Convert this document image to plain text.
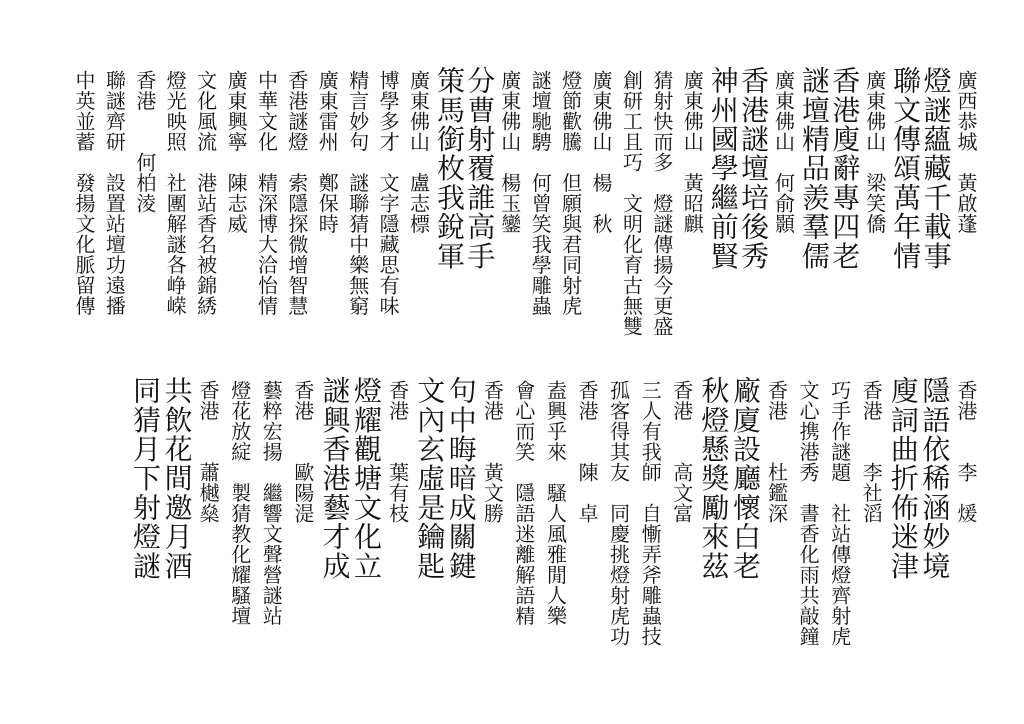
廣西恭城　黃啟蓬
燈謎蘊藏千載事
聯文傳頌萬年情
廣東佛山　梁笑僑
香港廋辭專四老
謎壇精品羨羣儒
廣東佛山　何俞顥
香港謎壇培後秀
神州國學繼前賢
廣東佛山　黃昭麒
猜射快而多　燈謎傳揚今更盛
創研工且巧　文明化育古無雙
廣東佛山　楊　秋
燈節歡騰　但願與君同射虎
謎壇馳騁　何曾笑我學雕蟲
廣東佛山　楊玉鑾
分曹射覆誰高手
策馬銜枚我銳軍
廣東佛山　盧志標
博學多才　文字隱藏思有味
精言妙句　謎聯猜中樂無窮
廣東雷州　鄭保時
香港謎燈　索隱探微增智慧
中華文化　精深博大洽怡情
廣東興寧　陳志威
文化風流　港站香名被錦綉
燈光映照　社團解謎各峥嵘
香港　　何柏淩
聯謎齊研　設置站壇功遠播
中英並蓄　發揚文化脈留傳
香港　　李　煖
隱語依稀涵妙境
廋詞曲折佈迷津
香港　　李社滔
巧手作謎題　社站傳燈齊射虎
文心携港秀　書香化雨共敲鐘
香港　　杜鑑深
廠廈設廳懷白老
秋燈懸獎勵來茲
香港　　高文富
三人有我師　自慚弄斧雕蟲技
孤客得其友　同慶挑燈射虎功
香港　　陳　卓
盍興乎來　騷人風雅閒人樂
會心而笑　隱語迷離解語精
香港　　黃文勝
句中晦暗成關鍵
文內玄虛是鑰匙
香港　　葉有枝
燈耀觀塘文化立
謎興香港藝才成
香港　　歐陽湜
藝粹宏揚　繼響文聲營謎站
燈花放綻　製猜教化耀騷壇
香港　　蕭樾燊
共飲花間邀月酒
同猜月下射燈謎
